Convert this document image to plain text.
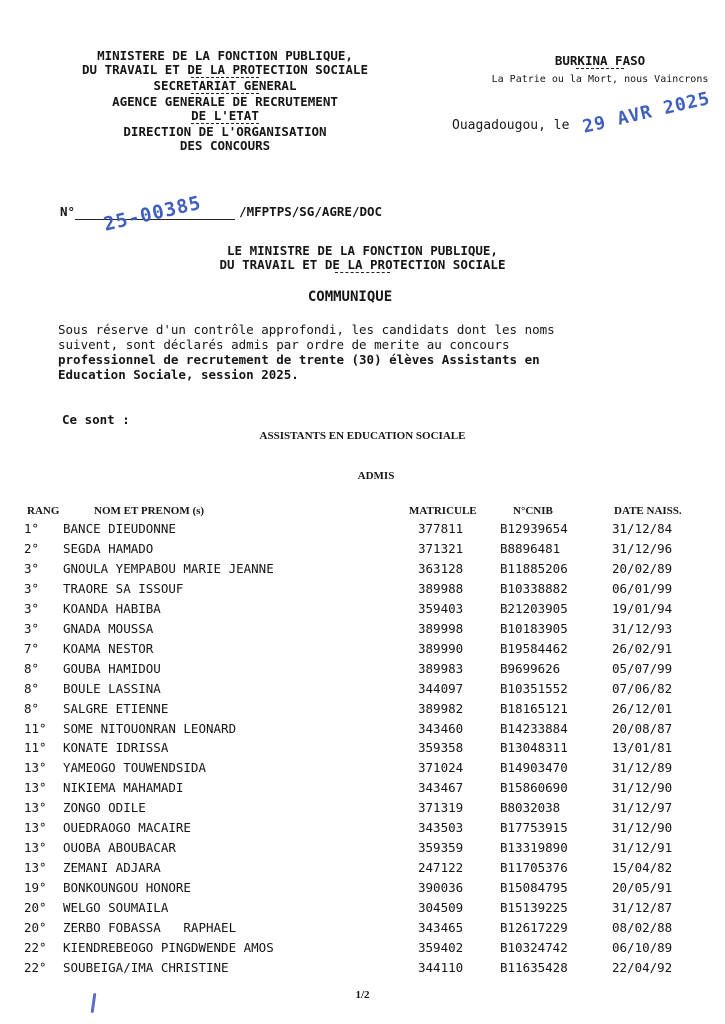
MINISTERE DE LA FONCTION PUBLIQUE,
DU TRAVAIL ET DE LA PROTECTION SOCIALE
SECRETARIAT GENERAL
AGENCE GENERALE DE RECRUTEMENT
DE L'ETAT
DIRECTION DE L'ORGANISATION
DES CONCOURS
BURKINA FASO
La Patrie ou la Mort, nous Vaincrons
Ouagadougou, le 29 AVR 2025
N°	/MFPTPS/SG/AGRE/DOC
25-00385
LE MINISTRE DE LA FONCTION PUBLIQUE,
DU TRAVAIL ET DE LA PROTECTION SOCIALE
COMMUNIQUE
Sous réserve d'un contrôle approfondi, les candidats dont les noms
suivent, sont déclarés admis par ordre de merite au concours
professionnel de recrutement de trente (30) élèves Assistants en
Education Sociale, session 2025.
Ce sont :
ASSISTANTS EN EDUCATION SOCIALE
ADMIS
RANG	NOM ET PRENOM (s)	MATRICULE	N°CNIB	DATE NAISS.
1° BANCE DIEUDONNE	377811	B12939654	31/12/84
2° SEGDA HAMADO	371321	B8896481	31/12/96
3° GNOULA YEMPABOU MARIE JEANNE	363128	B11885206	20/02/89
3° TRAORE SA ISSOUF	389988	B10338882	06/01/99
3° KOANDA HABIBA	359403	B21203905	19/01/94
3° GNADA MOUSSA	389998	B10183905	31/12/93
7° KOAMA NESTOR	389990	B19584462	26/02/91
8° GOUBA HAMIDOU	389983	B9699626	05/07/99
8° BOULE LASSINA	344097	B10351552	07/06/82
8° SALGRE ETIENNE	389982	B18165121	26/12/01
11° SOME NITOUONRAN LEONARD	343460	B14233884	20/08/87
11° KONATE IDRISSA	359358	B13048311	13/01/81
13° YAMEOGO TOUWENDSIDA	371024	B14903470	31/12/89
13° NIKIEMA MAHAMADI	343467	B15860690	31/12/90
13° ZONGO ODILE	371319	B8032038	31/12/97
13° OUEDRAOGO MACAIRE	343503	B17753915	31/12/90
13° OUOBA ABOUBACAR	359359	B13319890	31/12/91
13° ZEMANI ADJARA	247122	B11705376	15/04/82
19° BONKOUNGOU HONORE	390036	B15084795	20/05/91
20° WELGO SOUMAILA	304509	B15139225	31/12/87
20° ZERBO FOBASSA   RAPHAEL	343465	B12617229	08/02/88
22° KIENDREBEOGO PINGDWENDE AMOS	359402	B10324742	06/10/89
22° SOUBEIGA/IMA CHRISTINE	344110	B11635428	22/04/92
1/2
